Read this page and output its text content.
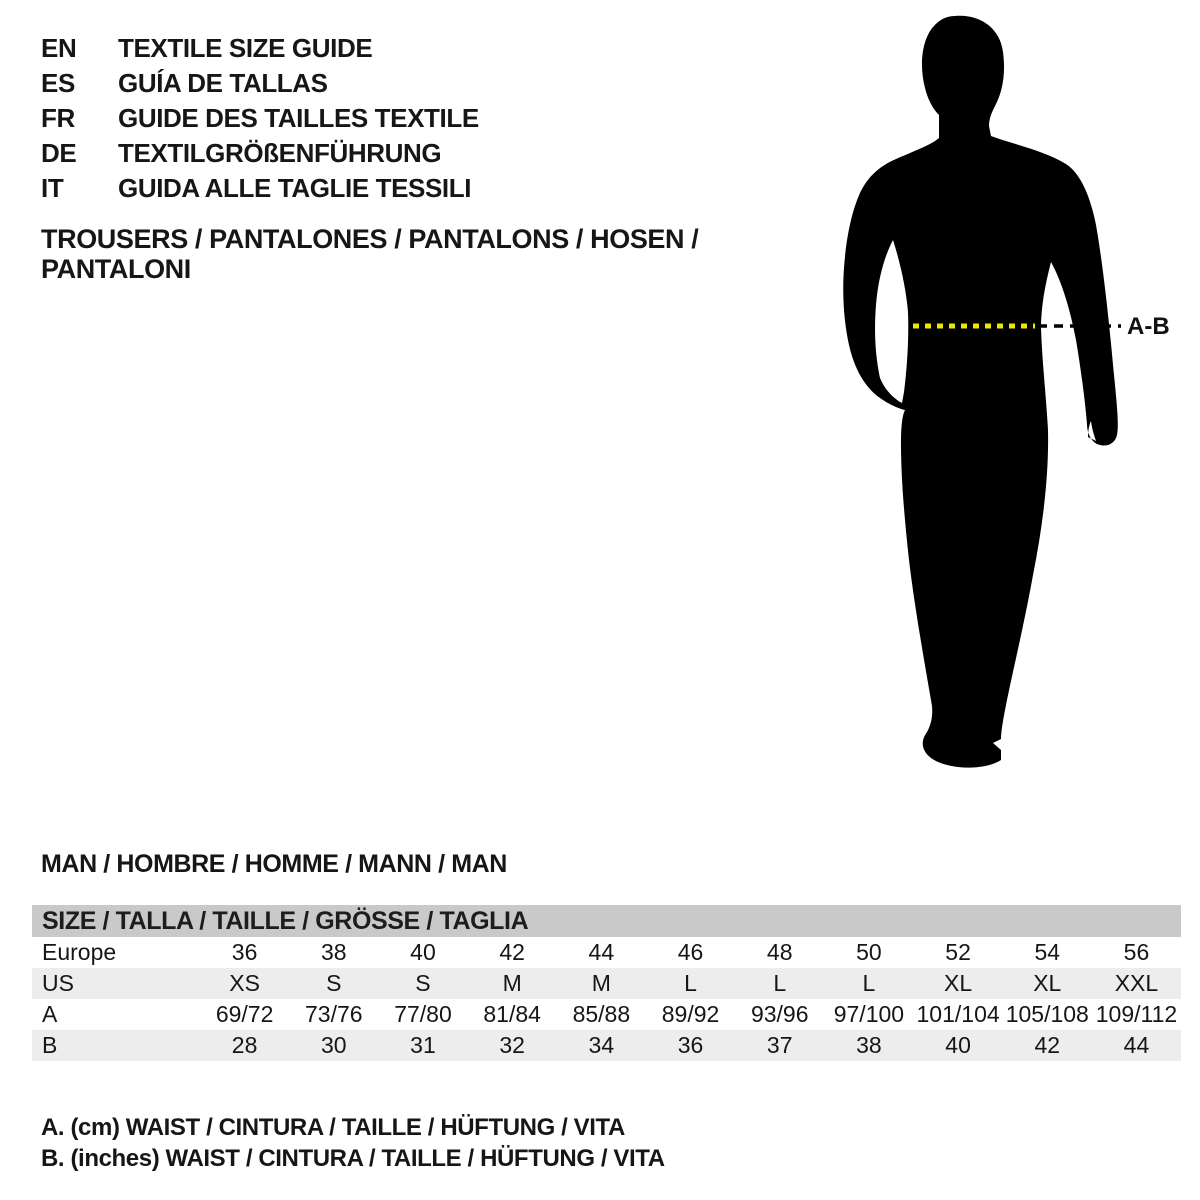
EN	TEXTILE SIZE GUIDE
ES	GUÍA DE TALLAS
FR	GUIDE DES TAILLES TEXTILE
DE	TEXTILGRÖßENFÜHRUNG
IT	GUIDA ALLE TAGLIE TESSILI
TROUSERS / PANTALONES / PANTALONS / HOSEN / PANTALONI
A-B
MAN / HOMBRE / HOMME / MANN / MAN
SIZE / TALLA / TAILLE / GRÖSSE / TAGLIA
Europe	36	38	40	42	44	46	48	50	52	54	56
US	XS	S	S	M	M	L	L	L	XL	XL	XXL
A	69/72	73/76	77/80	81/84	85/88	89/92	93/96	97/100 101/104 105/108 109/112
B	28	30	31	32	34	36	37	38	40	42	44
A. (cm) WAIST / CINTURA / TAILLE / HÜFTUNG / VITA
B. (inches) WAIST / CINTURA / TAILLE / HÜFTUNG / VITA
